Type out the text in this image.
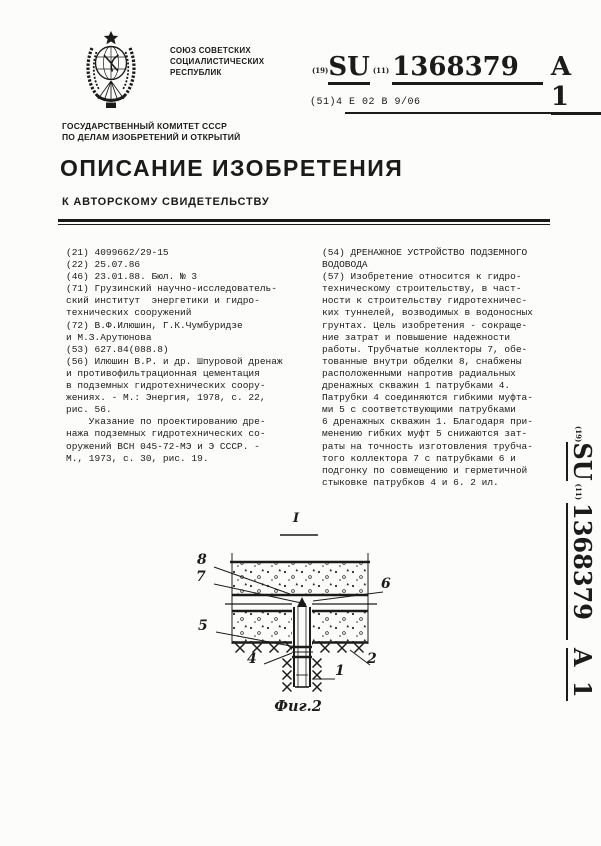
СОЮЗ СОВЕТСКИХ
СОЦИАЛИСТИЧЕСКИХ
РЕСПУБЛИК	(19) SU (11) 1368379	A 1
(51)4 E 02 B 9/06
ГОСУДАРСТВЕННЫЙ КОМИТЕТ СССР
ПО ДЕЛАМ ИЗОБРЕТЕНИЙ И ОТКРЫТИЙ
ОПИСАНИЕ ИЗОБРЕТЕНИЯ
К АВТОРСКОМУ СВИДЕТЕЛЬСТВУ
(21) 4099662/29-15
(22) 25.07.86
(46) 23.01.88. Бюл. № 3
(71) Грузинский научно-исследователь-
ский институт  энергетики и гидро-
технических сооружений
(72) В.Ф.Илюшин, Г.К.Чумбуридзе
и М.З.Арутюнова
(53) 627.84(088.8)
(56) Илюшин В.Р. и др. Шпуровой дренаж
и противофильтрационная цементация
в подземных гидротехнических соору-
жениях. - М.: Энергия, 1978, с. 22,
рис. 56.
Указание по проектированию дре-
нажа подземных гидротехнических со-
оружений ВСН 045-72-МЭ и Э СССР. -
М., 1973, с. 30, рис. 19.
(54) ДРЕНАЖНОЕ УСТРОЙСТВО ПОДЗЕМНОГО
ВОДОВОДА
(57) Изобретение относится к гидро-
техническому строительству, в част-
ности к строительству гидротехничес-
ких туннелей, возводимых в водоносных
грунтах. Цель изобретения - сокраще-
ние затрат и повышение надежности
работы. Трубчатые коллекторы 7, обе-
тованные внутри обделки 8, снабжены
расположенными напротив радиальных
дренажных скважин 1 патрубками 4.
Патрубки 4 соединяются гибкими муфта-
ми 5 с соответствующими патрубками
6 дренажных скважин 1. Благодаря при-
менению гибких муфт 5 снижаются зат-
раты на точность изготовления трубча-
того коллектора 7 с патрубками 6 и
подгонку по совмещению и герметичной
стыковке патрубков 4 и 6. 2 ил.
(19)
SU
(11)
1368379
A 1
I
8
7	6
5
4	2
1
Фиг.2
